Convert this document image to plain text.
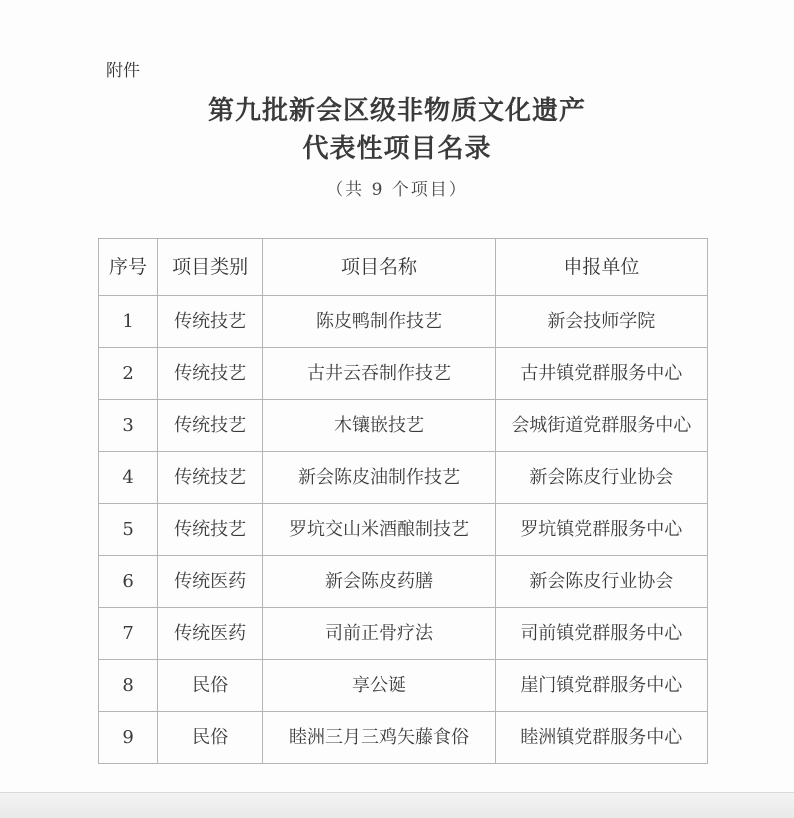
附件
第九批新会区级非物质文化遗产
代表性项目名录
（共 9 个项目）
序号	项目类别	项目名称	申报单位
1	传统技艺	陈皮鸭制作技艺	新会技师学院
2	传统技艺	古井云吞制作技艺	古井镇党群服务中心
3	传统技艺	木镶嵌技艺	会城街道党群服务中心
4	传统技艺	新会陈皮油制作技艺	新会陈皮行业协会
5	传统技艺	罗坑交山米酒酿制技艺	罗坑镇党群服务中心
6	传统医药	新会陈皮药膳	新会陈皮行业协会
7	传统医药	司前正骨疗法	司前镇党群服务中心
8	民俗	享公诞	崖门镇党群服务中心
9	民俗	睦洲三月三鸡矢藤食俗	睦洲镇党群服务中心
